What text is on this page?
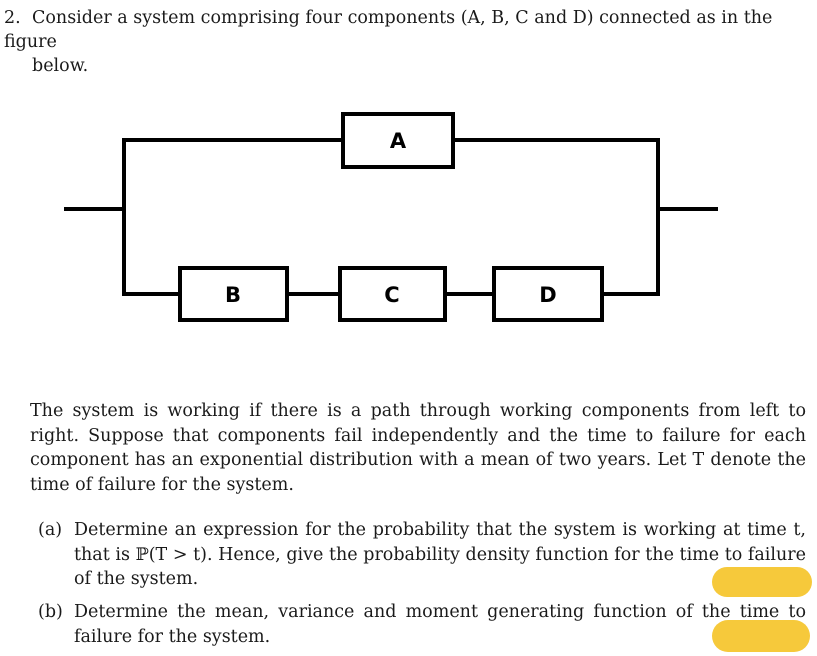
2. Consider a system comprising four components (A, B, C and D) connected as in the figure
below.
A
B	C	D
The system is working if there is a path through working components from left to right. Suppose that components fail independently and the time to failure for each component has an exponential distribution with a mean of two years. Let T denote the time of failure for the system.
(a) Determine an expression for the probability that the system is working at time t, that is ℙ(T > t). Hence, give the probability density function for the time to failure of the system.
(b) Determine the mean, variance and moment generating function of the time to failure for the system.
